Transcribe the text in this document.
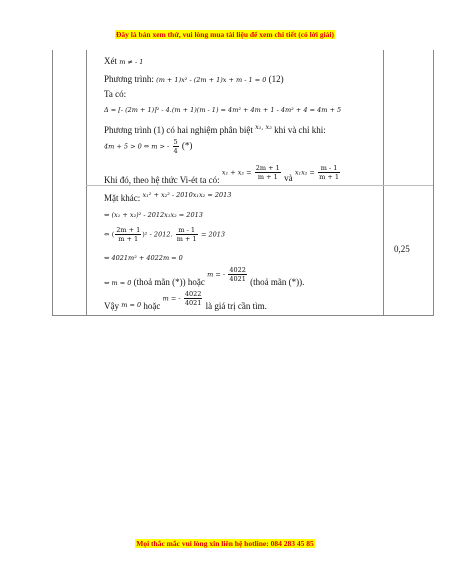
Đây là bản xem thử, vui lòng mua tài liệu để xem chi tiết (có lời giải)
0,25
Xét m ≠ - 1
Phương trình: (m + 1)x² - (2m + 1)x + m - 1 = 0 (12)
Ta có:
Δ = [- (2m + 1)]² - 4.(m + 1)(m - 1) = 4m² + 4m + 1 - 4m² + 4 = 4m + 5
Phương trình (1) có hai nghiệm phân biệt $^{x_1, x_2}$ khi và chỉ khi:
4m + 5 > 0 ⇔ m > - $\frac{5}{4}$ (*)
Khi đó, theo hệ thức Vi-ét ta có: $x_1 + x_2 = \frac{2m + 1}{m + 1}$ và $x_1x_2 = \frac{m - 1}{m + 1}$
Mặt khác: $^{x_1^2 + x_2^2 - 2010x_1x_2 = 2013}$
⇔ (x₁ + x₂)² - 2012x₁x₂ = 2013
⇔ ( $\frac{2m + 1}{m + 1} )^2 - 2012$. $\frac{m - 1}{m + 1} = 2013$
⇔ 4021m² + 4022m = 0
$_{\Leftrightarrow m = 0}$ (thoả mãn (*)) hoặc m = - $\frac{4022}{4021}$ (thoả mãn (*)).
Vậy $_{m = 0}$ hoặc m = - $\frac{4022}{4021}$ là giá trị cần tìm.
Mọi thắc mắc vui lòng xin liên hệ hotline: 084 283 45 85
